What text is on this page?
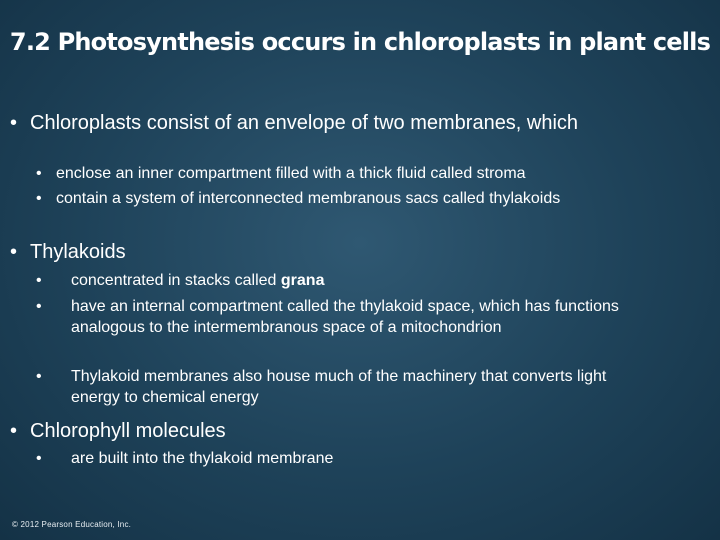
7.2 Photosynthesis occurs in chloroplasts in plant cells
• Chloroplasts consist of an envelope of two membranes, which
• enclose an inner compartment filled with a thick fluid called stroma
• contain a system of interconnected membranous sacs called thylakoids
• Thylakoids
• concentrated in stacks called grana
• have an internal compartment called the thylakoid space, which has functions analogous to the intermembranous space of a mitochondrion
• Thylakoid membranes also house much of the machinery that converts light energy to chemical energy
• Chlorophyll molecules
• are built into the thylakoid membrane
© 2012 Pearson Education, Inc.
